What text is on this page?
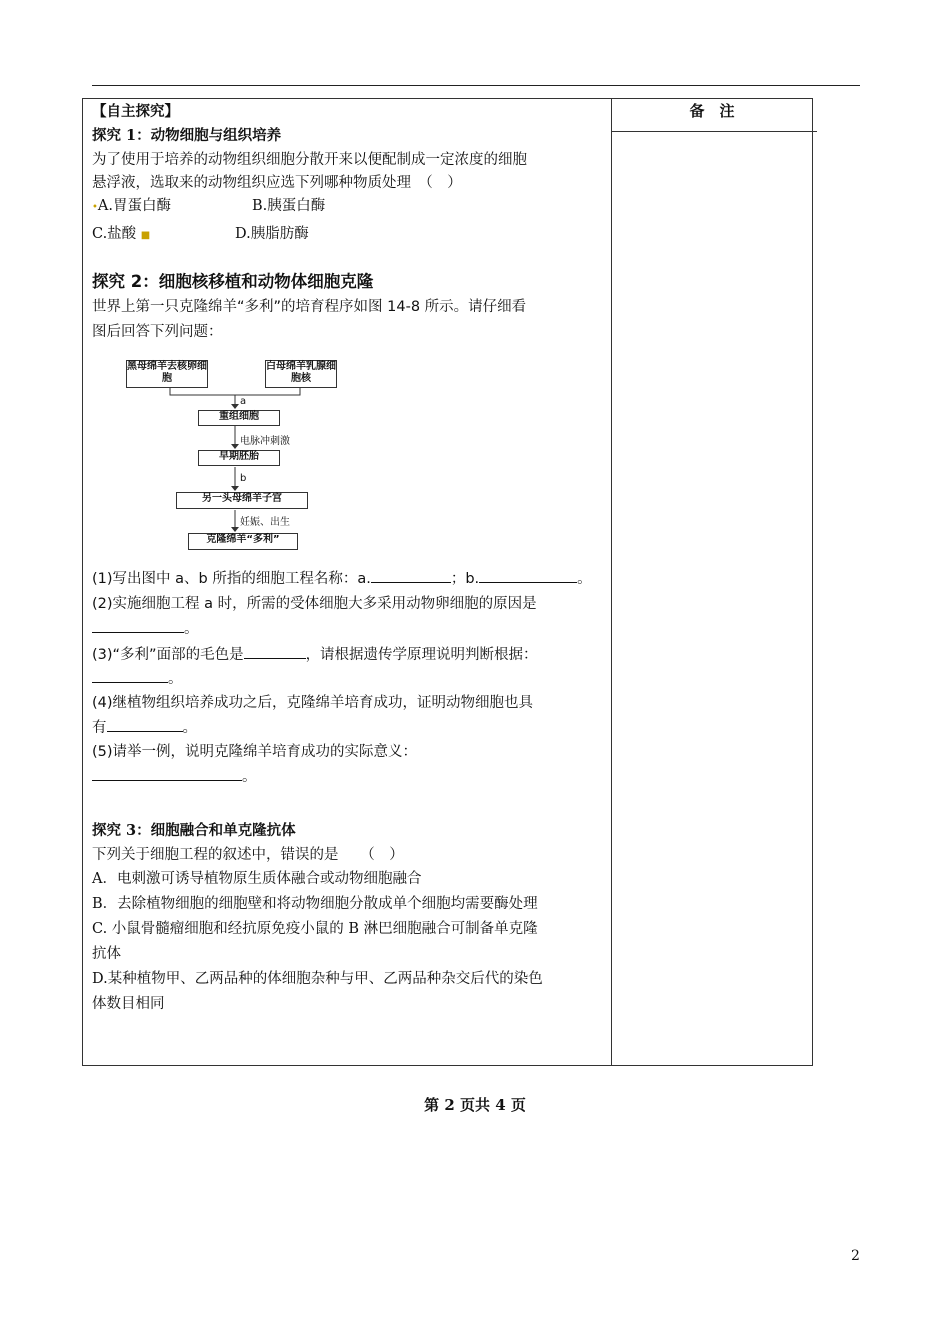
备　注
【自主探究】
探究 1：动物细胞与组织培养
为了使用于培养的动物组织细胞分散开来以便配制成一定浓度的细胞
悬浮液，选取来的动物组织应选下列哪种物质处理　（　）
•A.胃蛋白酶	B.胰蛋白酶
C.盐酸 ■	D.胰脂肪酶
探究 2：细胞核移植和动物体细胞克隆
世界上第一只克隆绵羊“多利”的培育程序如图 14-8 所示。请仔细看
图后回答下列问题：
(1)写出图中 a、b 所指的细胞工程名称：a.	；b.	。
(2)实施细胞工程 a 时，所需的受体细胞大多采用动物卵细胞的原因是
。
(3)“多利”面部的毛色是	，请根据遗传学原理说明判断根据：
。
(4)继植物组织培养成功之后，克隆绵羊培育成功，证明动物细胞也具
有	。
(5)请举一例，说明克隆绵羊培育成功的实际意义：
。
探究 3：细胞融合和单克隆抗体
下列关于细胞工程的叙述中，错误的是　　（　）
A．电刺激可诱导植物原生质体融合或动物细胞融合
B．去除植物细胞的细胞壁和将动物细胞分散成单个细胞均需要酶处理
C. 小鼠骨髓瘤细胞和经抗原免疫小鼠的 B 淋巴细胞融合可制备单克隆
抗体
D.某种植物甲、乙两品种的体细胞杂种与甲、乙两品种杂交后代的染色
体数目相同
黑母绵羊去核卵细胞
白母绵羊乳腺细胞核
a
重组细胞
电脉冲刺激
早期胚胎
b
另一头母绵羊子宫
妊娠、出生
克隆绵羊“多利”
第 2 页共 4 页
2
